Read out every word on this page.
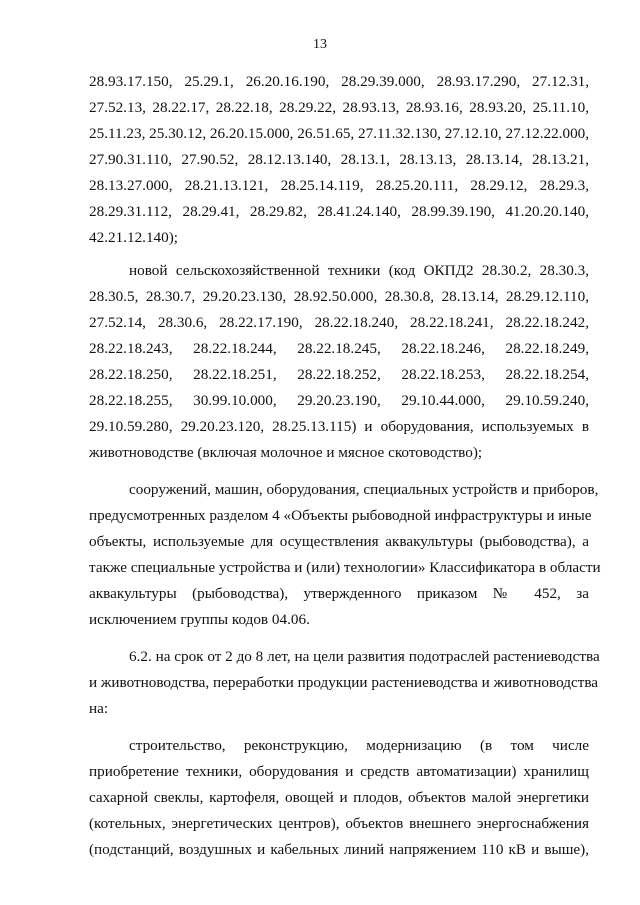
13
28.93.17.150, 25.29.1, 26.20.16.190, 28.29.39.000, 28.93.17.290, 27.12.31,
27.52.13, 28.22.17, 28.22.18, 28.29.22, 28.93.13, 28.93.16, 28.93.20, 25.11.10,
25.11.23, 25.30.12, 26.20.15.000, 26.51.65, 27.11.32.130, 27.12.10, 27.12.22.000,
27.90.31.110, 27.90.52, 28.12.13.140, 28.13.1, 28.13.13, 28.13.14, 28.13.21,
28.13.27.000, 28.21.13.121, 28.25.14.119, 28.25.20.111, 28.29.12, 28.29.3,
28.29.31.112, 28.29.41, 28.29.82, 28.41.24.140, 28.99.39.190, 41.20.20.140,
42.21.12.140);
новой сельскохозяйственной техники (код ОКПД2 28.30.2, 28.30.3,
28.30.5, 28.30.7, 29.20.23.130, 28.92.50.000, 28.30.8, 28.13.14, 28.29.12.110,
27.52.14, 28.30.6, 28.22.17.190, 28.22.18.240, 28.22.18.241, 28.22.18.242,
28.22.18.243, 28.22.18.244, 28.22.18.245, 28.22.18.246, 28.22.18.249,
28.22.18.250, 28.22.18.251, 28.22.18.252, 28.22.18.253, 28.22.18.254,
28.22.18.255, 30.99.10.000, 29.20.23.190, 29.10.44.000, 29.10.59.240,
29.10.59.280, 29.20.23.120, 28.25.13.115) и оборудования, используемых в
животноводстве (включая молочное и мясное скотоводство);
сооружений, машин, оборудования, специальных устройств и приборов,
предусмотренных разделом 4 «Объекты рыбоводной инфраструктуры и иные
объекты, используемые для осуществления аквакультуры (рыбоводства), а
также специальные устройства и (или) технологии» Классификатора в области
аквакультуры (рыбоводства), утвержденного приказом № 452, за
исключением группы кодов 04.06.
6.2. на срок от 2 до 8 лет, на цели развития подотраслей растениеводства
и животноводства, переработки продукции растениеводства и животноводства
на:
строительство, реконструкцию, модернизацию (в том числе
приобретение техники, оборудования и средств автоматизации) хранилищ
сахарной свеклы, картофеля, овощей и плодов, объектов малой энергетики
(котельных, энергетических центров), объектов внешнего энергоснабжения
(подстанций, воздушных и кабельных линий напряжением 110 кВ и выше),
